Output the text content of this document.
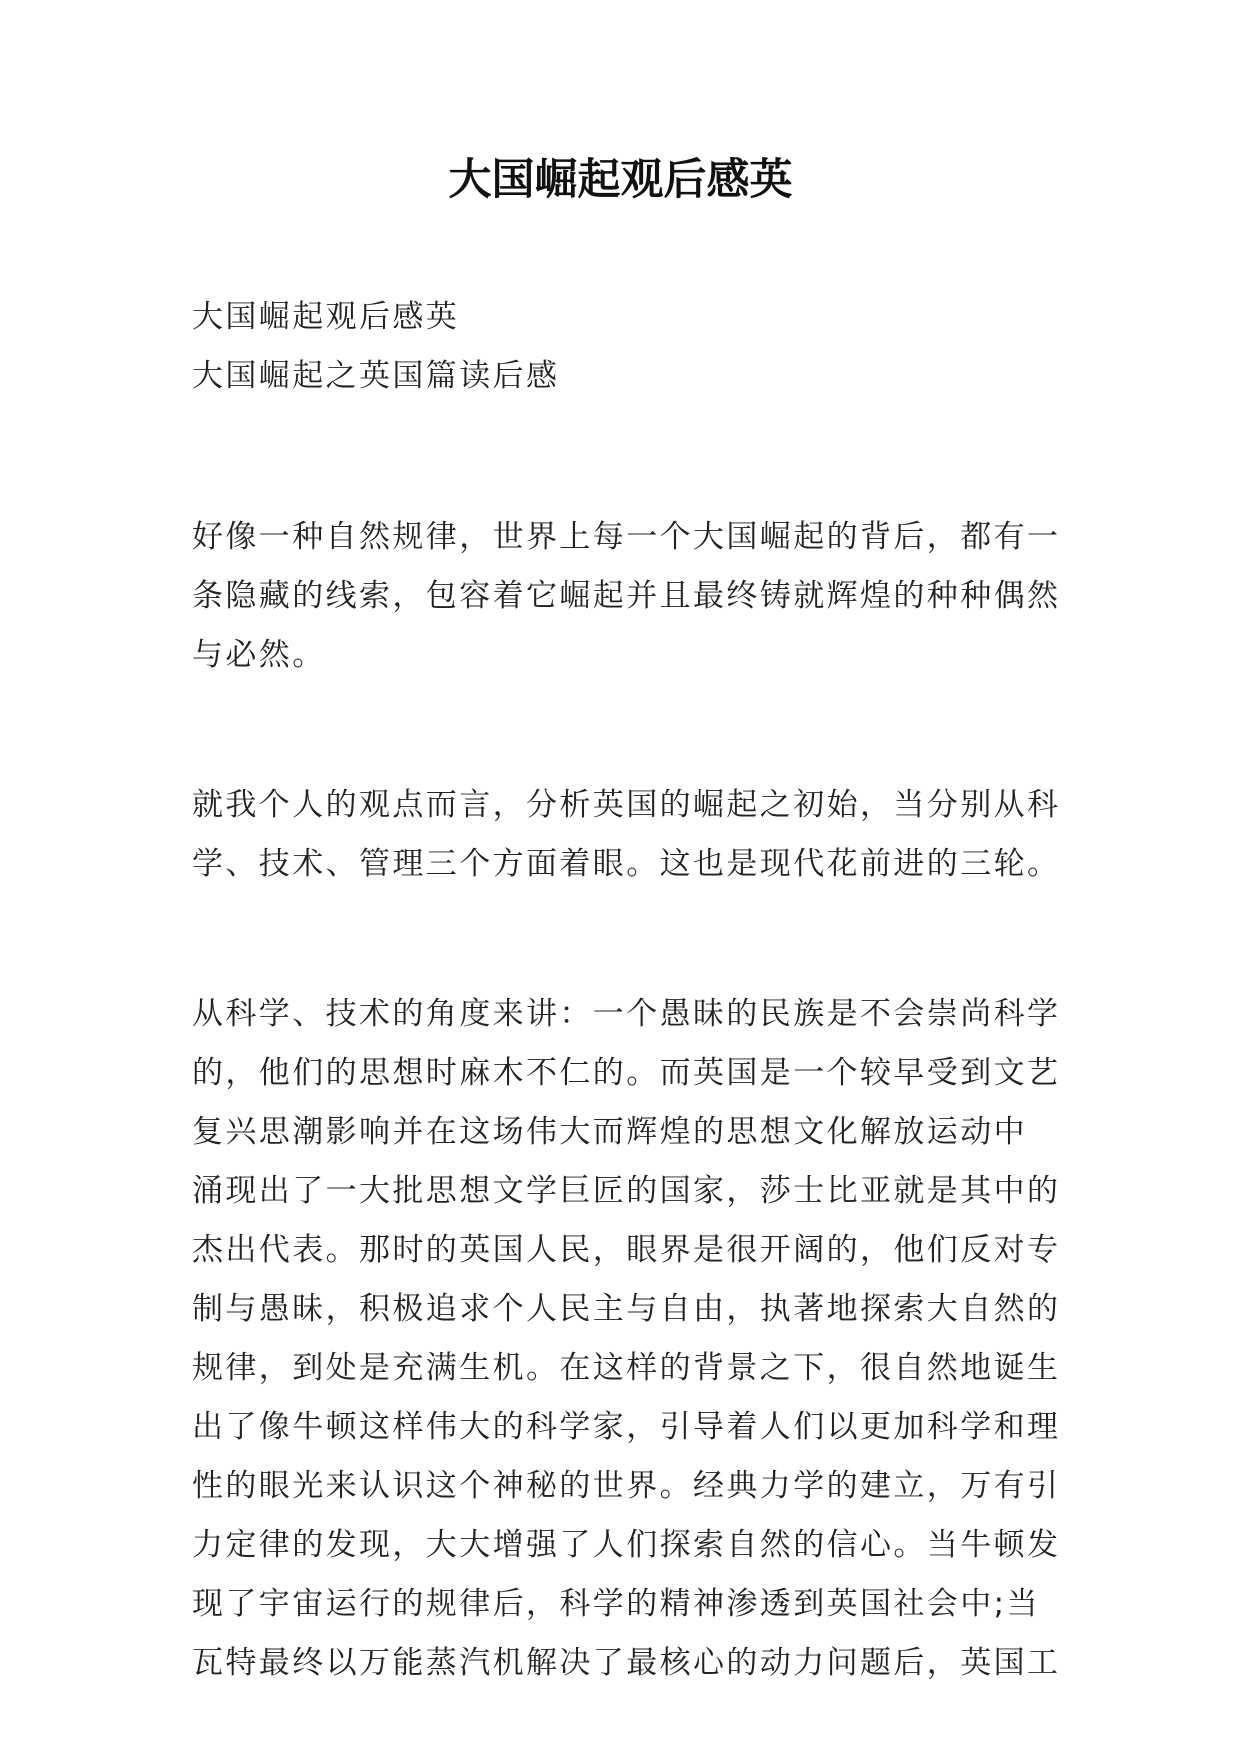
大国崛起观后感英
大国崛起观后感英
大国崛起之英国篇读后感
好像一种自然规律，世界上每一个大国崛起的背后，都有一
条隐藏的线索，包容着它崛起并且最终铸就辉煌的种种偶然
与必然。
就我个人的观点而言，分析英国的崛起之初始，当分别从科
学、技术、管理三个方面着眼。这也是现代花前进的三轮。
从科学、技术的角度来讲：一个愚昧的民族是不会崇尚科学
的，他们的思想时麻木不仁的。而英国是一个较早受到文艺
复兴思潮影响并在这场伟大而辉煌的思想文化解放运动中
涌现出了一大批思想文学巨匠的国家，莎士比亚就是其中的
杰出代表。那时的英国人民，眼界是很开阔的，他们反对专
制与愚昧，积极追求个人民主与自由，执著地探索大自然的
规律，到处是充满生机。在这样的背景之下，很自然地诞生
出了像牛顿这样伟大的科学家，引导着人们以更加科学和理
性的眼光来认识这个神秘的世界。经典力学的建立，万有引
力定律的发现，大大增强了人们探索自然的信心。当牛顿发
现了宇宙运行的规律后，科学的精神渗透到英国社会中;当
瓦特最终以万能蒸汽机解决了最核心的动力问题后，英国工
